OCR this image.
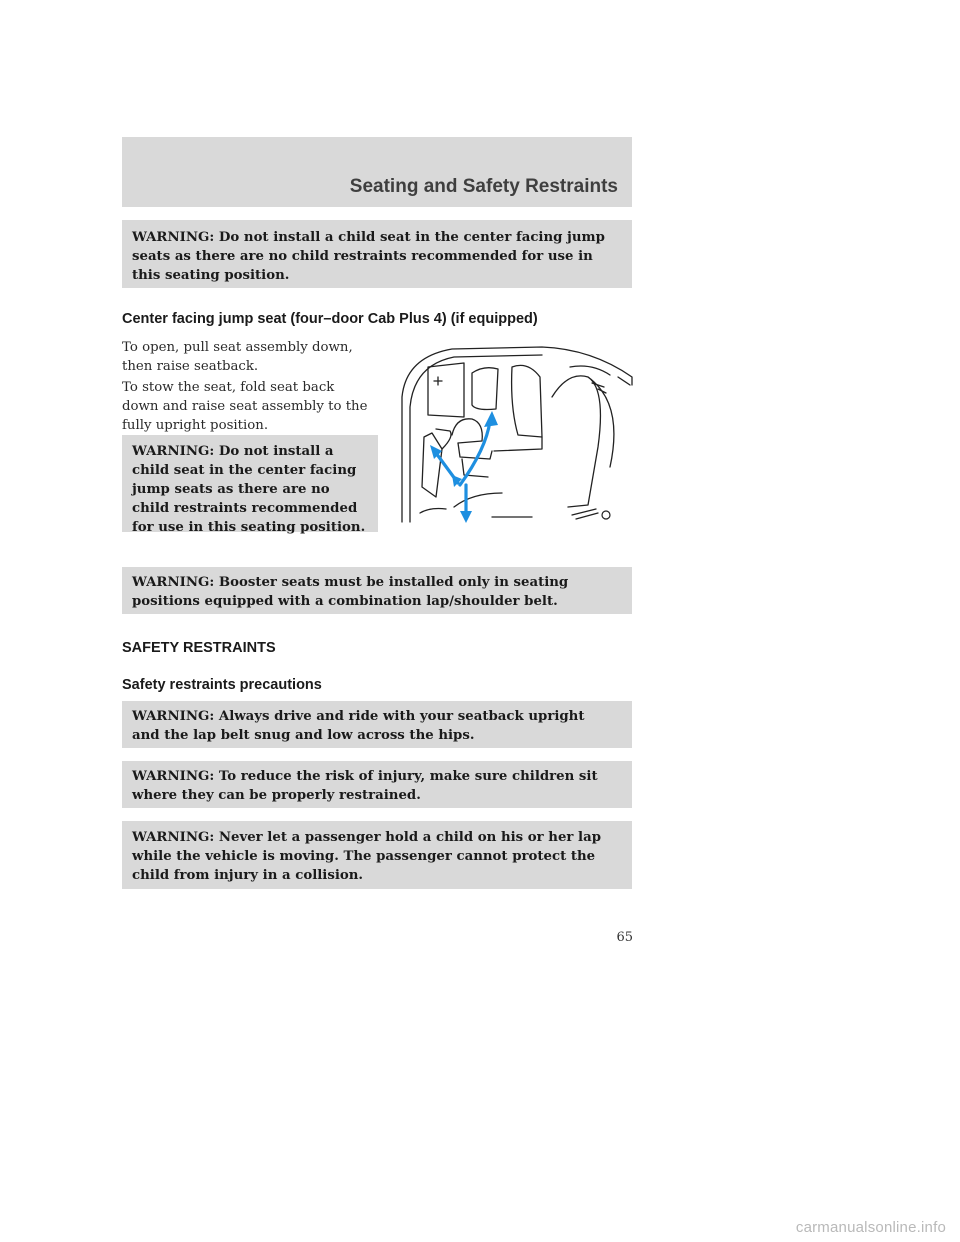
Seating and Safety Restraints
WARNING: Do not install a child seat in the center facing jump
seats as there are no child restraints recommended for use in
this seating position.
Center facing jump seat (four–door Cab Plus 4) (if equipped)
To open, pull seat assembly down,
then raise seatback.
To stow the seat, fold seat back
down and raise seat assembly to the
fully upright position.
WARNING: Do not install a
child seat in the center facing
jump seats as there are no
child restraints recommended
for use in this seating position.
WARNING: Booster seats must be installed only in seating
positions equipped with a combination lap/shoulder belt.
SAFETY RESTRAINTS
Safety restraints precautions
WARNING: Always drive and ride with your seatback upright
and the lap belt snug and low across the hips.
WARNING: To reduce the risk of injury, make sure children sit
where they can be properly restrained.
WARNING: Never let a passenger hold a child on his or her lap
while the vehicle is moving. The passenger cannot protect the
child from injury in a collision.
65
carmanualsonline.info
